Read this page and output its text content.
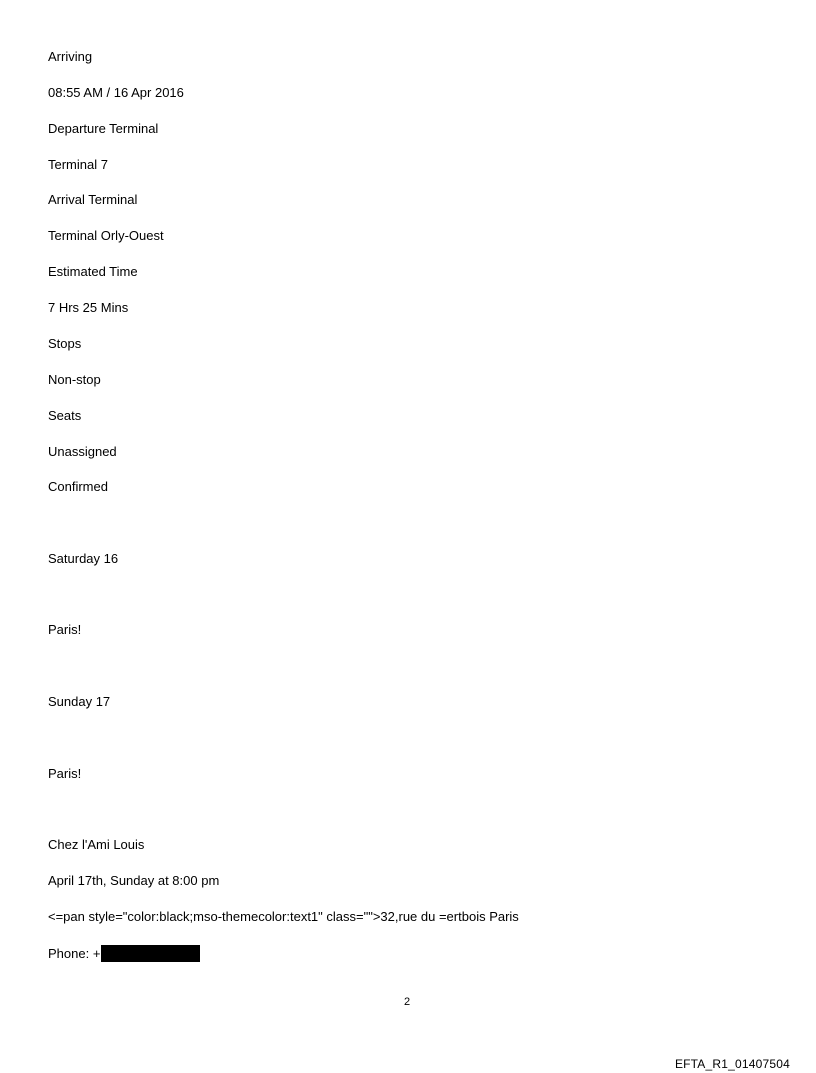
Arriving
08:55 AM / 16 Apr 2016
Departure Terminal
Terminal 7
Arrival Terminal
Terminal Orly-Ouest
Estimated Time
7 Hrs 25 Mins
Stops
Non-stop
Seats
Unassigned
Confirmed
Saturday 16
Paris!
Sunday 17
Paris!
Chez l'Ami Louis
April 17th, Sunday at 8:00 pm
<=pan style="color:black;mso-themecolor:text1" class="">32,rue du =ertbois Paris
Phone: +
2
EFTA_R1_01407504
